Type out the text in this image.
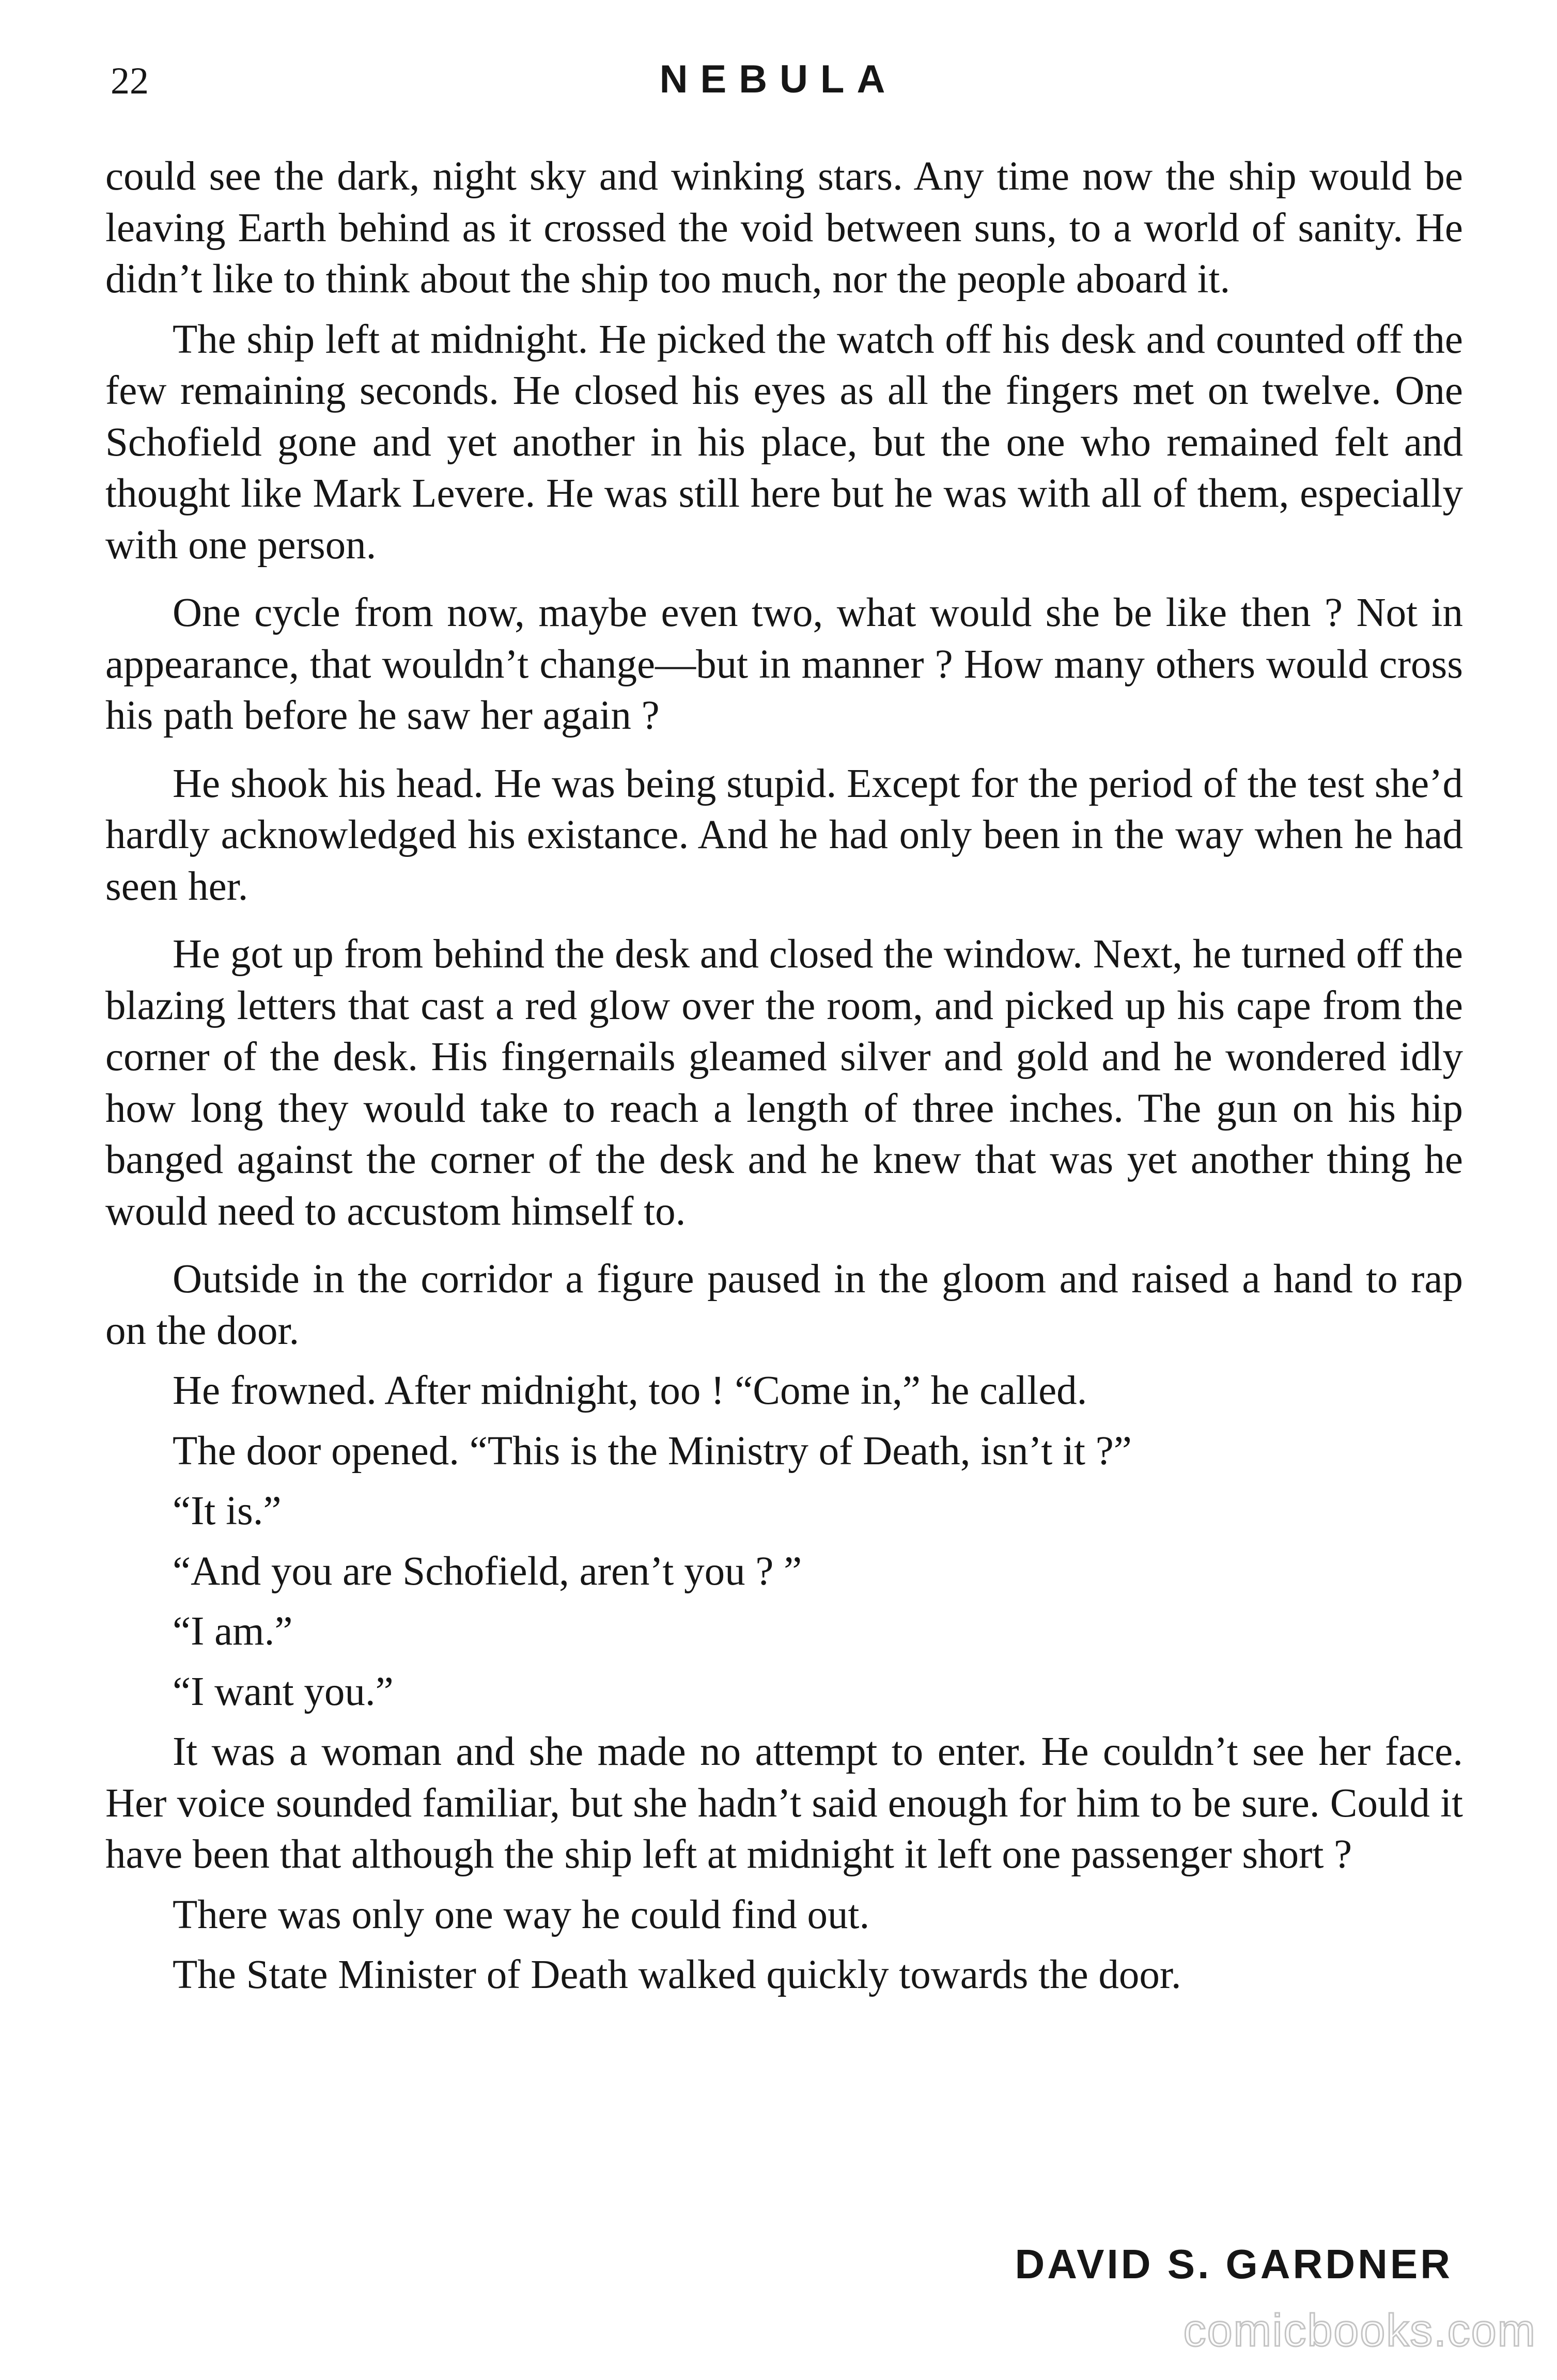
22	NEBULA

could see the dark, night sky and winking stars. Any time now the ship would be leaving Earth behind as it crossed the void between suns, to a world of sanity. He didn’t like to think about the ship too much, nor the people aboard it.

The ship left at midnight. He picked the watch off his desk and counted off the few remaining seconds. He closed his eyes as all the fingers met on twelve. One Schofield gone and yet another in his place, but the one who remained felt and thought like Mark Levere. He was still here but he was with all of them, especially with one person.

One cycle from now, maybe even two, what would she be like then ? Not in appearance, that wouldn’t change—but in manner ? How many others would cross his path before he saw her again ?

He shook his head. He was being stupid. Except for the period of the test she’d hardly acknowledged his existance. And he had only been in the way when he had seen her.

He got up from behind the desk and closed the window. Next, he turned off the blazing letters that cast a red glow over the room, and picked up his cape from the corner of the desk. His fingernails gleamed silver and gold and he wondered idly how long they would take to reach a length of three inches. The gun on his hip banged against the corner of the desk and he knew that was yet another thing he would need to accustom himself to.

Outside in the corridor a figure paused in the gloom and raised a hand to rap on the door.

He frowned. After midnight, too ! “Come in,” he called.

The door opened. “This is the Ministry of Death, isn’t it ?”

“It is.”

“And you are Schofield, aren’t you ? ”

“I am.”

“I want you.”

It was a woman and she made no attempt to enter. He couldn’t see her face. Her voice sounded familiar, but she hadn’t said enough for him to be sure. Could it have been that although the ship left at midnight it left one passenger short ?

There was only one way he could find out.

The State Minister of Death walked quickly towards the door.

DAVID S. GARDNER
comicbooks.com
